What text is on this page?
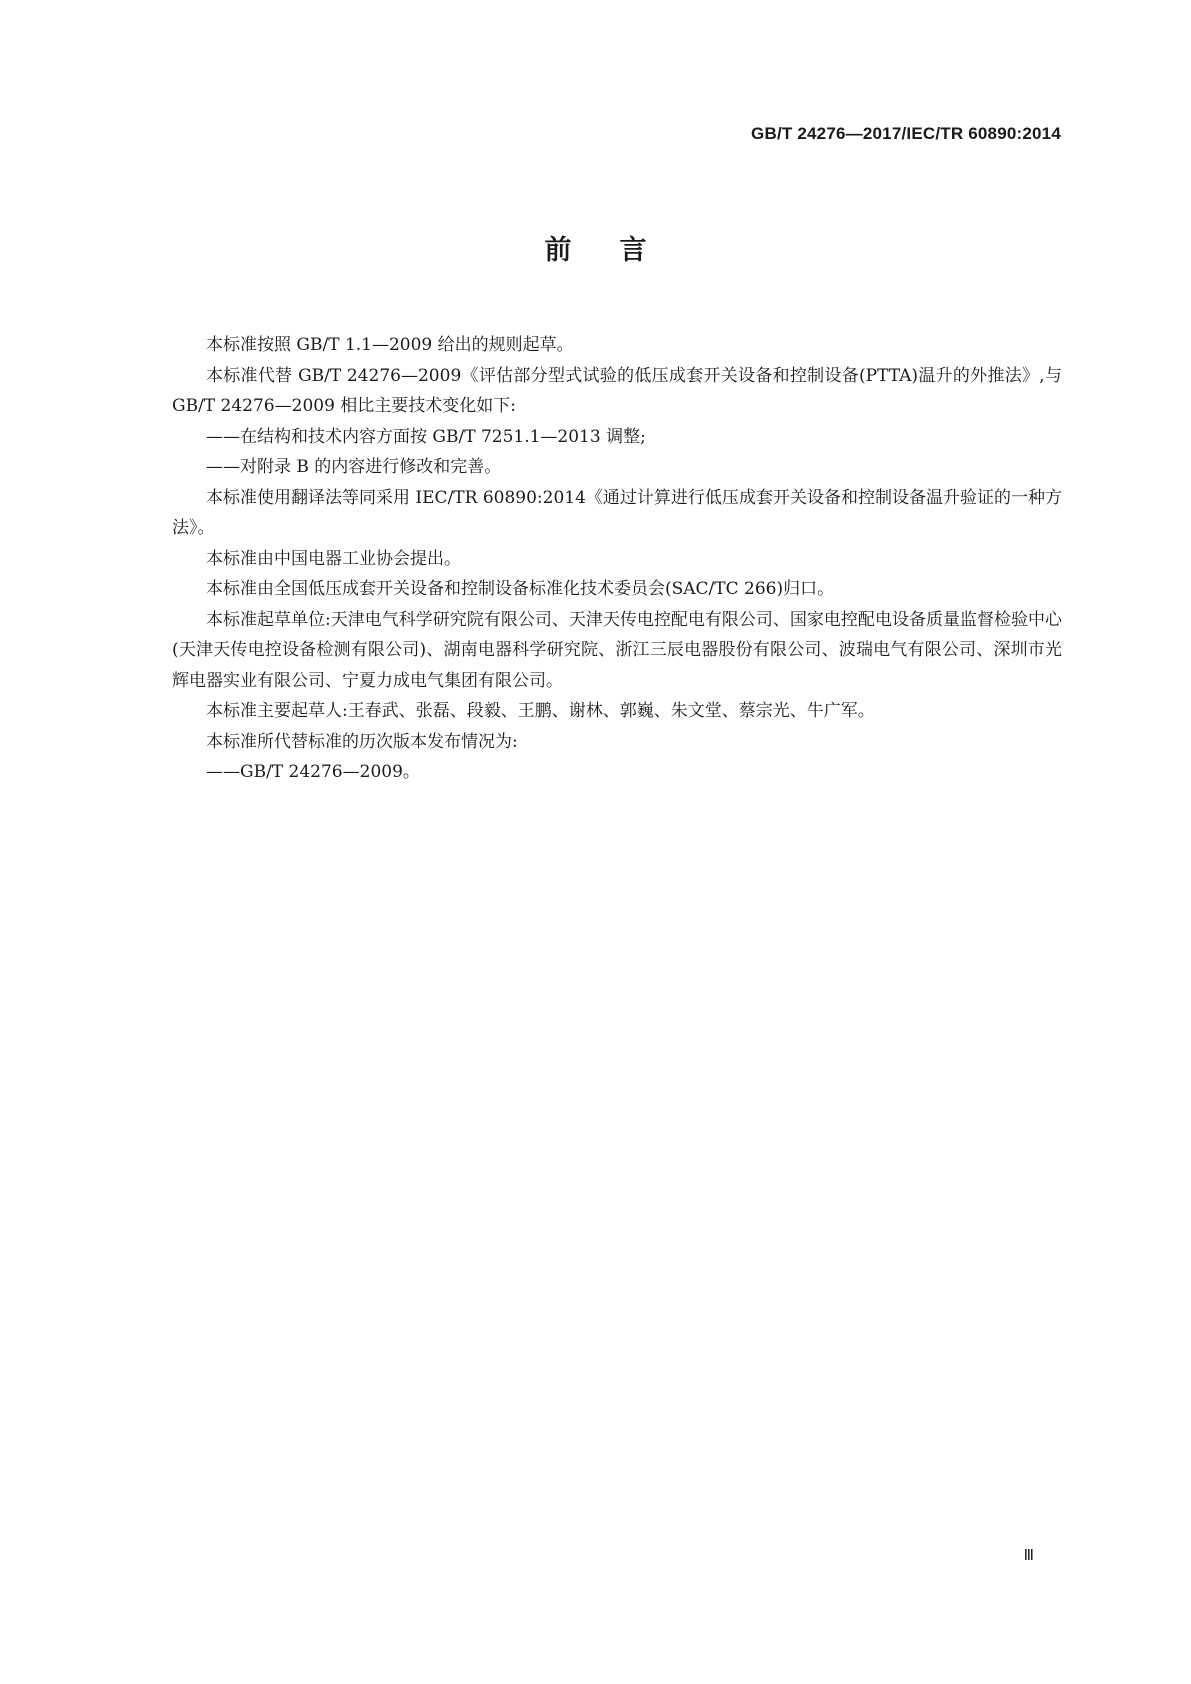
GB/T 24276—2017/IEC/TR 60890:2014
前言

本标准按照 GB/T 1.1—2009 给出的规则起草。

本标准代替 GB/T 24276—2009《评估部分型式试验的低压成套开关设备和控制设备(PTTA)温升的外推法》,与 GB/T 24276—2009 相比主要技术变化如下:

——在结构和技术内容方面按 GB/T 7251.1—2013 调整;

——对附录 B 的内容进行修改和完善。

本标准使用翻译法等同采用 IEC/TR 60890:2014《通过计算进行低压成套开关设备和控制设备温升验证的一种方法》。

本标准由中国电器工业协会提出。

本标准由全国低压成套开关设备和控制设备标准化技术委员会(SAC/TC 266)归口。

本标准起草单位:天津电气科学研究院有限公司、天津天传电控配电有限公司、国家电控配电设备质量监督检验中心(天津天传电控设备检测有限公司)、湖南电器科学研究院、浙江三辰电器股份有限公司、波瑞电气有限公司、深圳市光辉电器实业有限公司、宁夏力成电气集团有限公司。

本标准主要起草人:王春武、张磊、段毅、王鹏、谢林、郭巍、朱文堂、蔡宗光、牛广军。

本标准所代替标准的历次版本发布情况为:

——GB/T 24276—2009。

Ⅲ
